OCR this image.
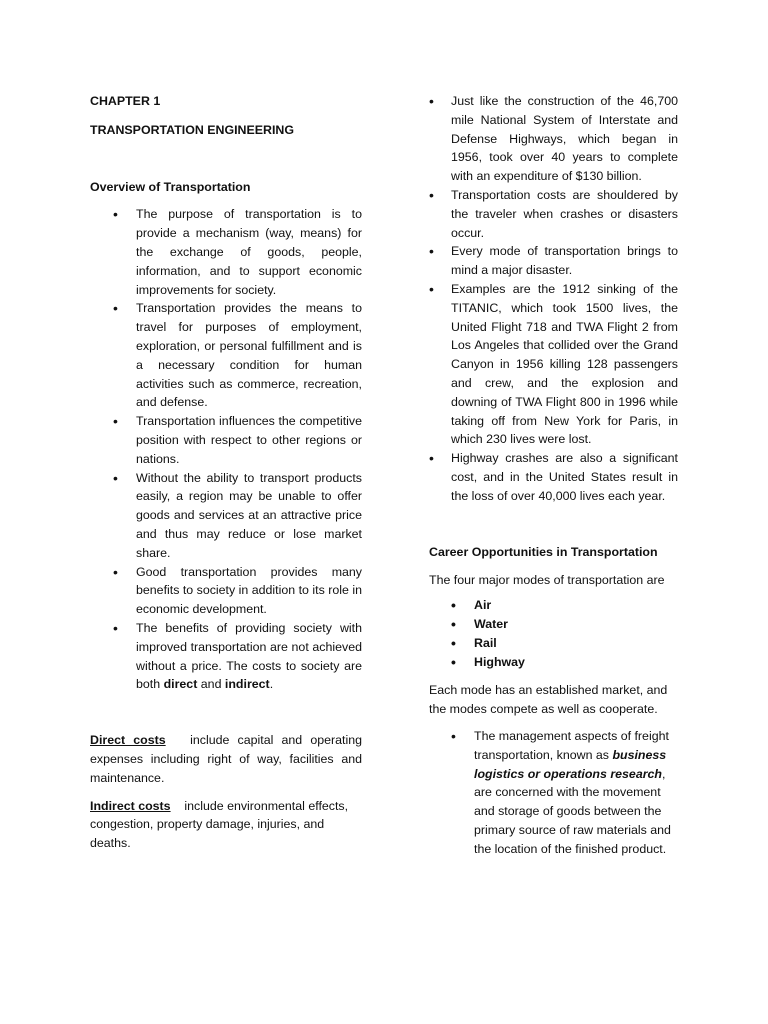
CHAPTER 1
TRANSPORTATION ENGINEERING
Overview of Transportation
• The purpose of transportation is to provide a mechanism (way, means) for the exchange of goods, people, information, and to support economic improvements for society.
• Transportation provides the means to travel for purposes of employment, exploration, or personal fulfillment and is a necessary condition for human activities such as commerce, recreation, and defense.
• Transportation influences the competitive position with respect to other regions or nations.
• Without the ability to transport products easily, a region may be unable to offer goods and services at an attractive price and thus may reduce or lose market share.
• Good transportation provides many benefits to society in addition to its role in economic development.
• The benefits of providing society with improved transportation are not achieved without a price. The costs to society are both direct and indirect.

Direct costs include capital and operating expenses including right of way, facilities and maintenance.

Indirect costs include environmental effects, congestion, property damage, injuries, and deaths.

• Just like the construction of the 46,700 mile National System of Interstate and Defense Highways, which began in 1956, took over 40 years to complete with an expenditure of $130 billion.
• Transportation costs are shouldered by the traveler when crashes or disasters occur.
• Every mode of transportation brings to mind a major disaster.
• Examples are the 1912 sinking of the TITANIC, which took 1500 lives, the United Flight 718 and TWA Flight 2 from Los Angeles that collided over the Grand Canyon in 1956 killing 128 passengers and crew, and the explosion and downing of TWA Flight 800 in 1996 while taking off from New York for Paris, in which 230 lives were lost.
• Highway crashes are also a significant cost, and in the United States result in the loss of over 40,000 lives each year.
Career Opportunities in Transportation

The four major modes of transportation are

• Air
• Water
• Rail
• Highway

Each mode has an established market, and the modes compete as well as cooperate.

• The management aspects of freight transportation, known as business logistics or operations research, are concerned with the movement and storage of goods between the primary source of raw materials and the location of the finished product.
